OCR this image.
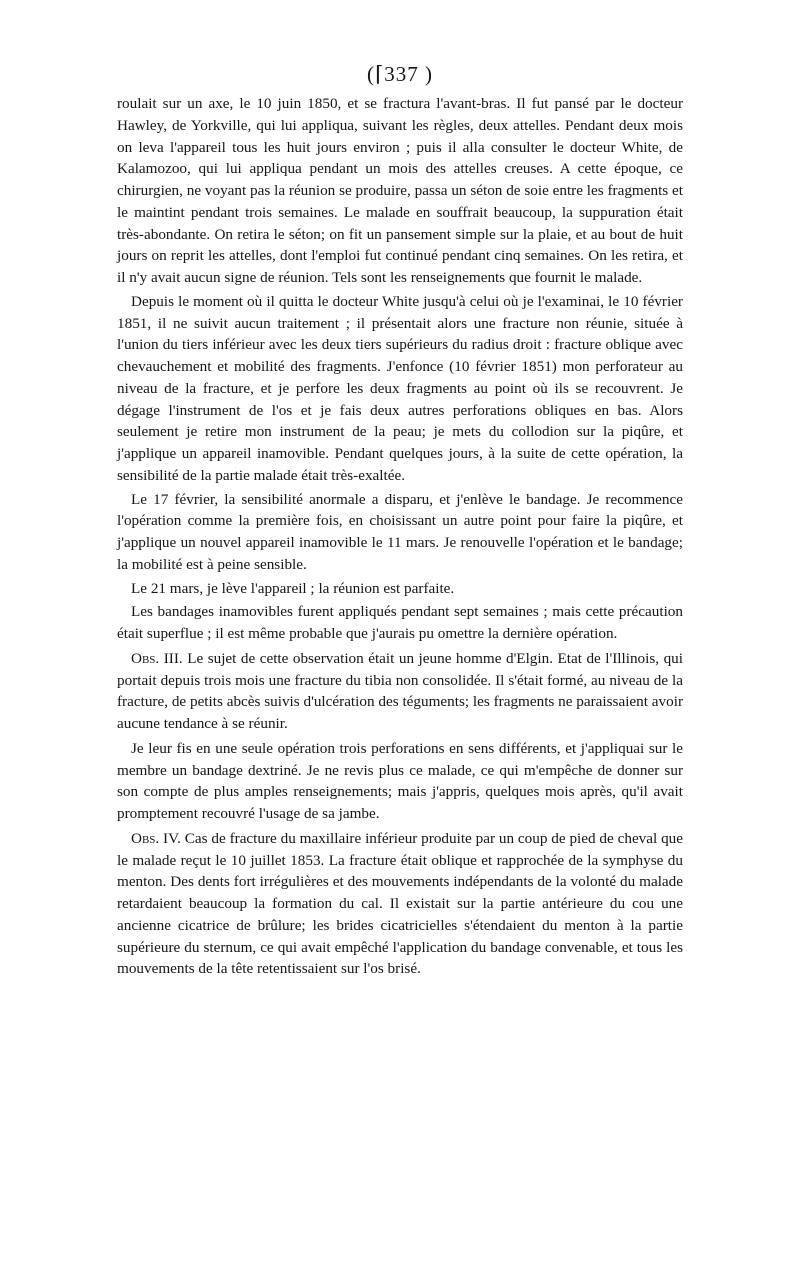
(⌈337 )

roulait sur un axe, le 10 juin 1850, et se fractura l'avant-bras. Il fut pansé par le docteur Hawley, de Yorkville, qui lui appliqua, suivant les règles, deux attelles. Pendant deux mois on leva l'appareil tous les huit jours environ ; puis il alla consulter le docteur White, de Kalamozoo, qui lui appliqua pendant un mois des attelles creuses. A cette époque, ce chirurgien, ne voyant pas la réunion se produire, passa un séton de soie entre les fragments et le maintint pendant trois semaines. Le malade en souffrait beaucoup, la suppuration était très-abondante. On retira le séton; on fit un pansement simple sur la plaie, et au bout de huit jours on reprit les attelles, dont l'emploi fut continué pendant cinq semaines. On les retira, et il n'y avait aucun signe de réunion. Tels sont les renseignements que fournit le malade.

Depuis le moment où il quitta le docteur White jusqu'à celui où je l'examinai, le 10 février 1851, il ne suivit aucun traitement ; il présentait alors une fracture non réunie, située à l'union du tiers inférieur avec les deux tiers supérieurs du radius droit : fracture oblique avec chevauchement et mobilité des fragments. J'enfonce (10 février 1851) mon perforateur au niveau de la fracture, et je perfore les deux fragments au point où ils se recouvrent. Je dégage l'instrument de l'os et je fais deux autres perforations obliques en bas. Alors seulement je retire mon instrument de la peau; je mets du collodion sur la piqûre, et j'applique un appareil inamovible. Pendant quelques jours, à la suite de cette opération, la sensibilité de la partie malade était très-exaltée.

Le 17 février, la sensibilité anormale a disparu, et j'enlève le bandage. Je recommence l'opération comme la première fois, en choisissant un autre point pour faire la piqûre, et j'applique un nouvel appareil inamovible le 11 mars. Je renouvelle l'opération et le bandage; la mobilité est à peine sensible.

Le 21 mars, je lève l'appareil ; la réunion est parfaite.

Les bandages inamovibles furent appliqués pendant sept semaines ; mais cette précaution était superflue ; il est même probable que j'aurais pu omettre la dernière opération.

Obs. III. Le sujet de cette observation était un jeune homme d'Elgin. Etat de l'Illinois, qui portait depuis trois mois une fracture du tibia non consolidée. Il s'était formé, au niveau de la fracture, de petits abcès suivis d'ulcération des téguments; les fragments ne paraissaient avoir aucune tendance à se réunir.

Je leur fis en une seule opération trois perforations en sens différents, et j'appliquai sur le membre un bandage dextriné. Je ne revis plus ce malade, ce qui m'empêche de donner sur son compte de plus amples renseignements; mais j'appris, quelques mois après, qu'il avait promptement recouvré l'usage de sa jambe.

Obs. IV. Cas de fracture du maxillaire inférieur produite par un coup de pied de cheval que le malade reçut le 10 juillet 1853. La fracture était oblique et rapprochée de la symphyse du menton. Des dents fort irrégulières et des mouvements indépendants de la volonté du malade retardaient beaucoup la formation du cal. Il existait sur la partie antérieure du cou une ancienne cicatrice de brûlure; les brides cicatricielles s'étendaient du menton à la partie supérieure du sternum, ce qui avait empêché l'application du bandage convenable, et tous les mouvements de la tête retentissaient sur l'os brisé.
